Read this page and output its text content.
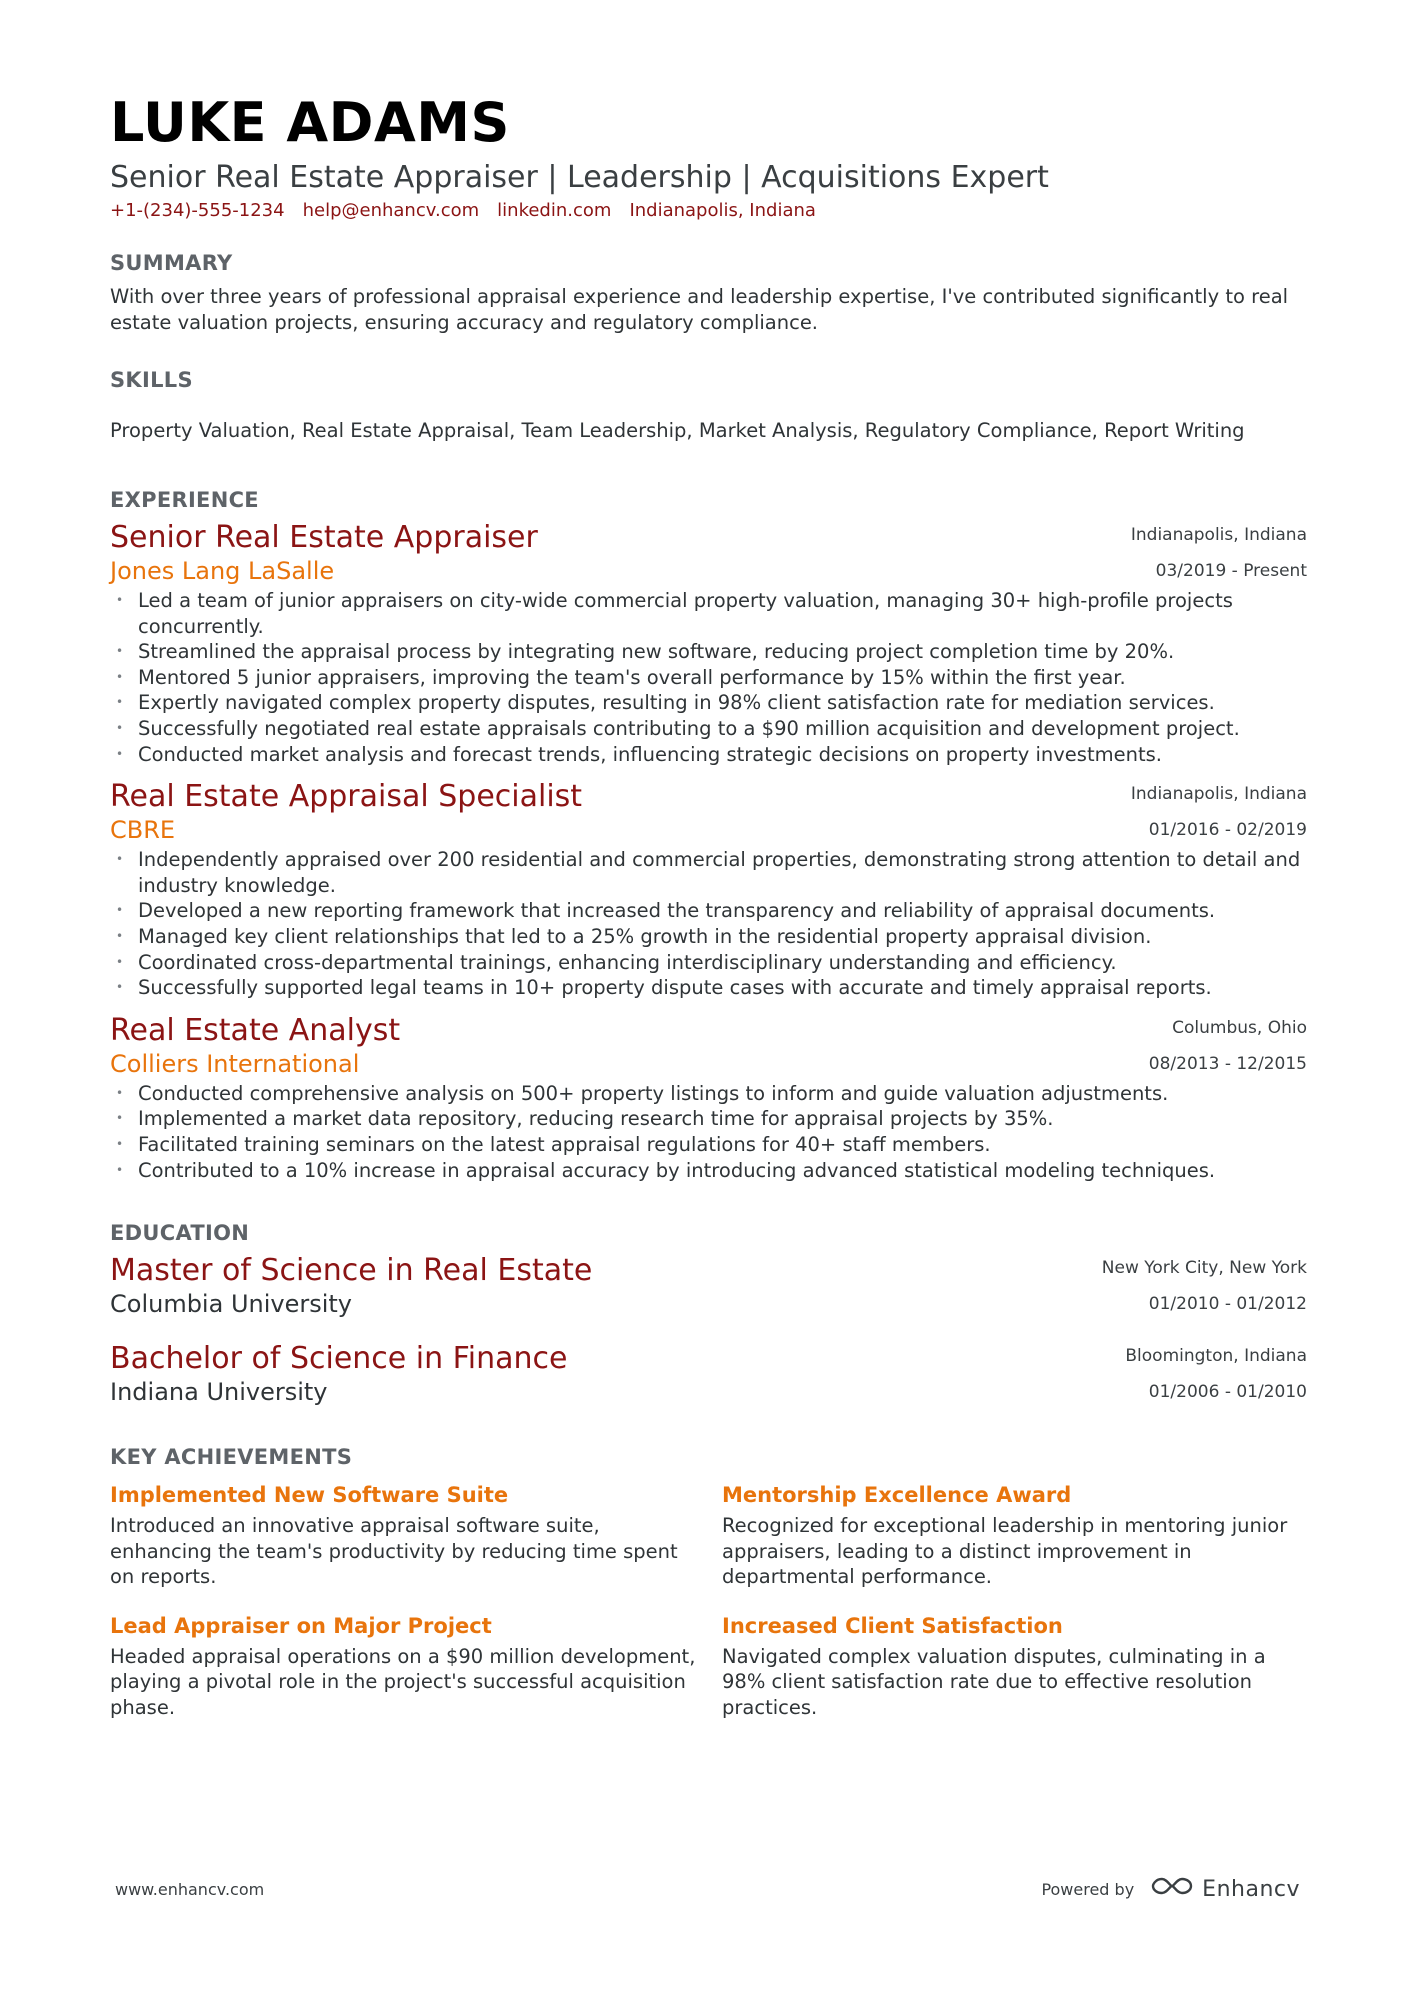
LUKE ADAMS
Senior Real Estate Appraiser | Leadership | Acquisitions Expert
+1-(234)-555-1234 help@enhancv.com linkedin.com Indianapolis, Indiana
SUMMARY
With over three years of professional appraisal experience and leadership expertise, I've contributed significantly to real estate valuation projects, ensuring accuracy and regulatory compliance.
SKILLS
Property Valuation, Real Estate Appraisal, Team Leadership, Market Analysis, Regulatory Compliance, Report Writing
EXPERIENCE
Indianapolis, Indiana
03/2019 - Present
Senior Real Estate Appraiser
Jones Lang LaSalle
• Led a team of junior appraisers on city-wide commercial property valuation, managing 30+ high-profile projects concurrently.
• Streamlined the appraisal process by integrating new software, reducing project completion time by 20%.
• Mentored 5 junior appraisers, improving the team's overall performance by 15% within the first year.
• Expertly navigated complex property disputes, resulting in 98% client satisfaction rate for mediation services.
• Successfully negotiated real estate appraisals contributing to a $90 million acquisition and development project.
• Conducted market analysis and forecast trends, influencing strategic decisions on property investments.
Indianapolis, Indiana
01/2016 - 02/2019
Real Estate Appraisal Specialist
CBRE
• Independently appraised over 200 residential and commercial properties, demonstrating strong attention to detail and industry knowledge.
• Developed a new reporting framework that increased the transparency and reliability of appraisal documents.
• Managed key client relationships that led to a 25% growth in the residential property appraisal division.
• Coordinated cross-departmental trainings, enhancing interdisciplinary understanding and efficiency.
• Successfully supported legal teams in 10+ property dispute cases with accurate and timely appraisal reports.
Columbus, Ohio
08/2013 - 12/2015
Real Estate Analyst
Colliers International
• Conducted comprehensive analysis on 500+ property listings to inform and guide valuation adjustments.
• Implemented a market data repository, reducing research time for appraisal projects by 35%.
• Facilitated training seminars on the latest appraisal regulations for 40+ staff members.
• Contributed to a 10% increase in appraisal accuracy by introducing advanced statistical modeling techniques.
EDUCATION
New York City, New York
01/2010 - 01/2012
Master of Science in Real Estate
Columbia University
Bloomington, Indiana
01/2006 - 01/2010
Bachelor of Science in Finance
Indiana University
KEY ACHIEVEMENTS
Implemented New Software Suite
Introduced an innovative appraisal software suite, enhancing the team's productivity by reducing time spent on reports.
Mentorship Excellence Award
Recognized for exceptional leadership in mentoring junior appraisers, leading to a distinct improvement in departmental performance.
Lead Appraiser on Major Project
Headed appraisal operations on a $90 million development, playing a pivotal role in the project's successful acquisition phase.
Increased Client Satisfaction
Navigated complex valuation disputes, culminating in a 98% client satisfaction rate due to effective resolution practices.
www.enhancv.com	Powered by	Enhancv
